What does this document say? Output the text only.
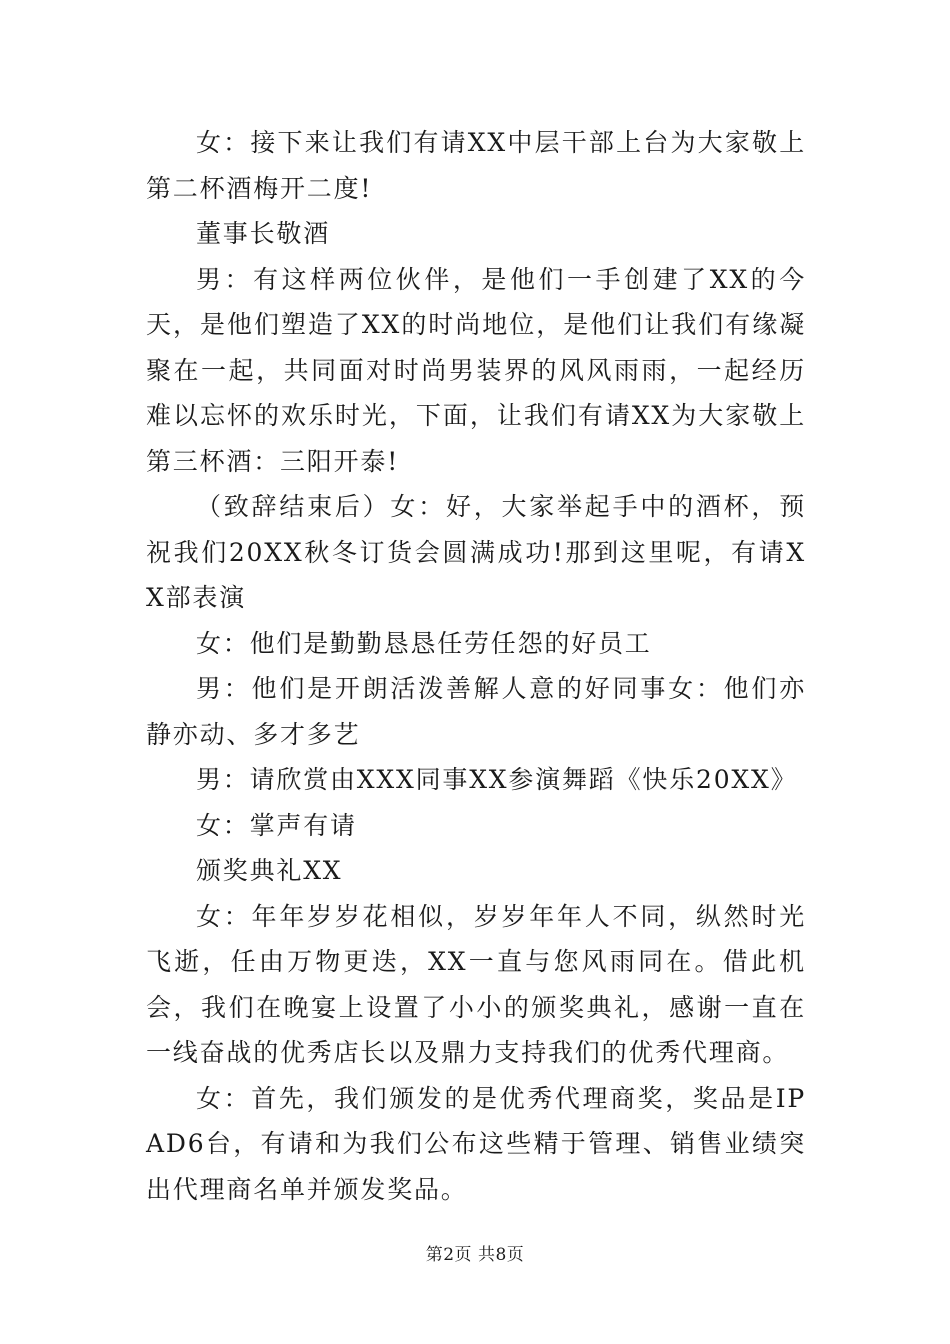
女：接下来让我们有请XX中层干部上台为大家敬上第二杯酒梅开二度!

董事长敬酒

男：有这样两位伙伴，是他们一手创建了XX的今天，是他们塑造了XX的时尚地位，是他们让我们有缘凝聚在一起，共同面对时尚男装界的风风雨雨，一起经历难以忘怀的欢乐时光，下面，让我们有请XX为大家敬上第三杯酒：三阳开泰!

（致辞结束后）女：好，大家举起手中的酒杯，预祝我们20XX秋冬订货会圆满成功!那到这里呢，有请XX部表演

女：他们是勤勤恳恳任劳任怨的好员工

男：他们是开朗活泼善解人意的好同事女：他们亦静亦动、多才多艺

男：请欣赏由XXX同事XX参演舞蹈《快乐20XX》

女：掌声有请

颁奖典礼XX

女：年年岁岁花相似，岁岁年年人不同，纵然时光飞逝，任由万物更迭，XX一直与您风雨同在。借此机会，我们在晚宴上设置了小小的颁奖典礼，感谢一直在一线奋战的优秀店长以及鼎力支持我们的优秀代理商。

女：首先，我们颁发的是优秀代理商奖，奖品是IPAD6台，有请和为我们公布这些精于管理、销售业绩突出代理商名单并颁发奖品。

第2页 共8页
